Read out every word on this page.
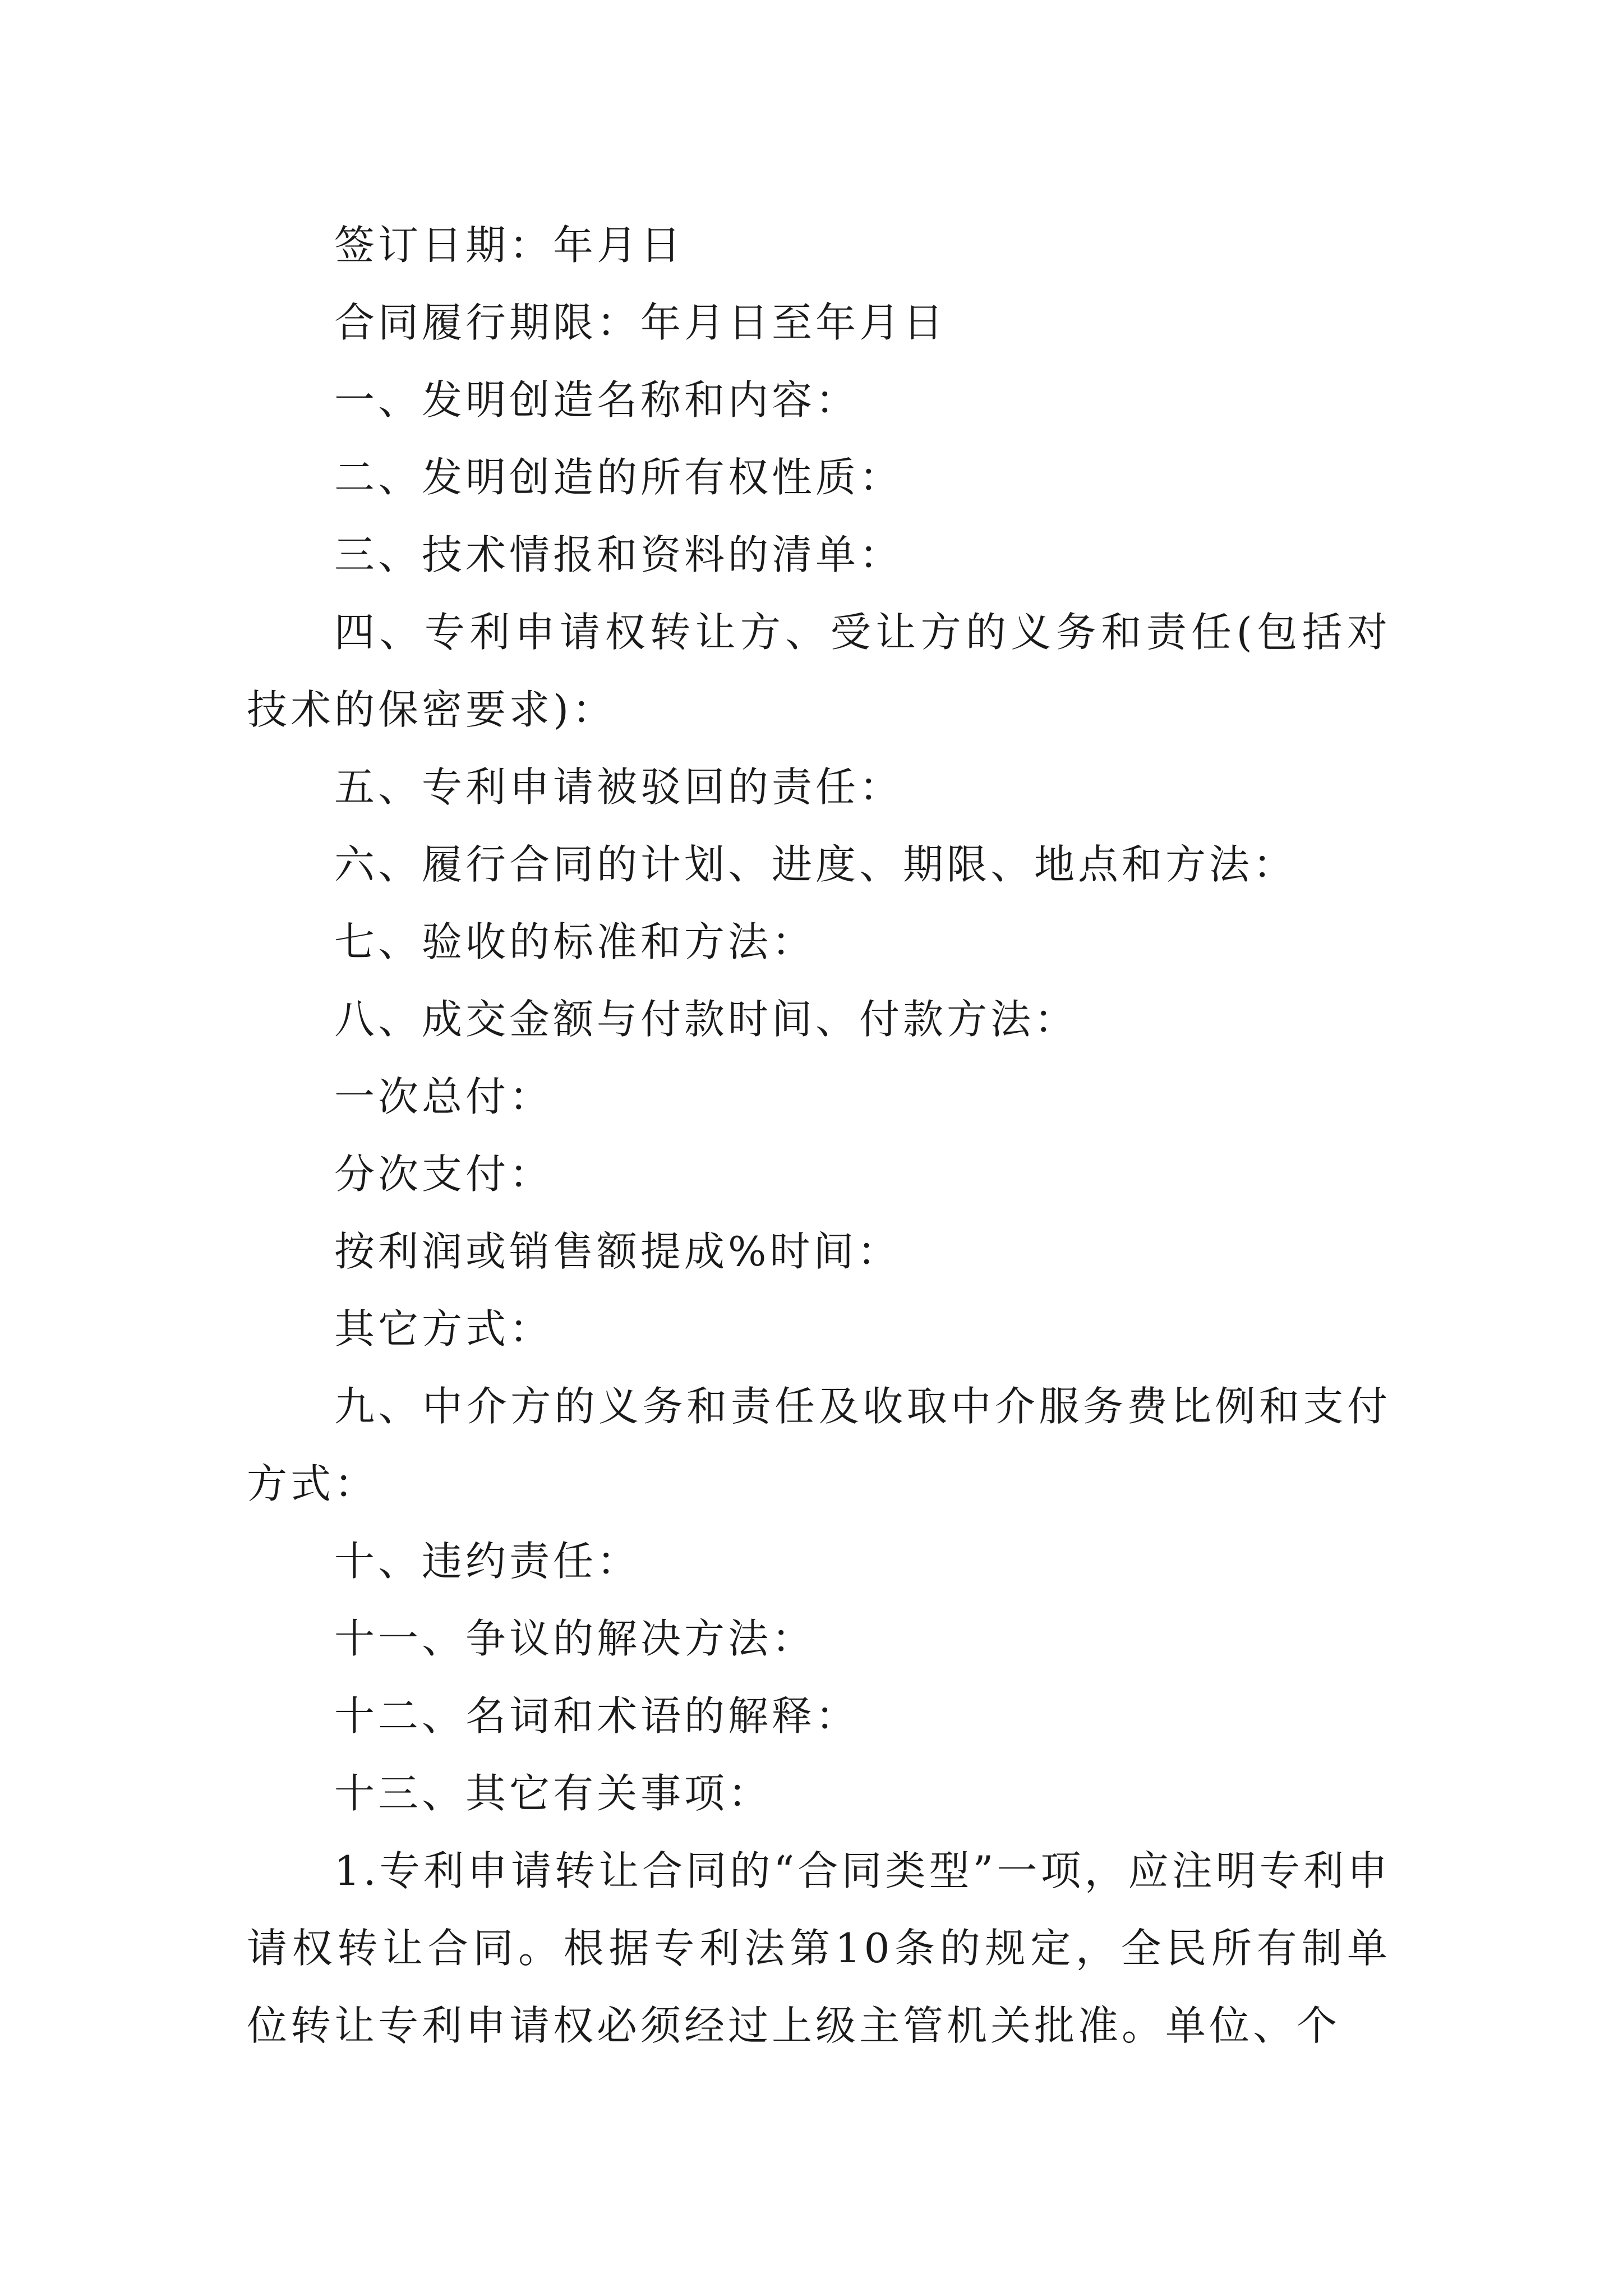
签订日期：年月日

合同履行期限：年月日至年月日

一、发明创造名称和内容：

二、发明创造的所有权性质：

三、技术情报和资料的清单：

四、专利申请权转让方、受让方的义务和责任(包括对技术的保密要求)：

五、专利申请被驳回的责任：

六、履行合同的计划、进度、期限、地点和方法：

七、验收的标准和方法：

八、成交金额与付款时间、付款方法：

一次总付：

分次支付：

按利润或销售额提成%时间：

其它方式：

九、中介方的义务和责任及收取中介服务费比例和支付方式：

十、违约责任：

十一、争议的解决方法：

十二、名词和术语的解释：

十三、其它有关事项：

1.专利申请转让合同的“合同类型”一项，应注明专利申请权转让合同。根据专利法第10条的规定，全民所有制单位转让专利申请权必须经过上级主管机关批准。单位、个
